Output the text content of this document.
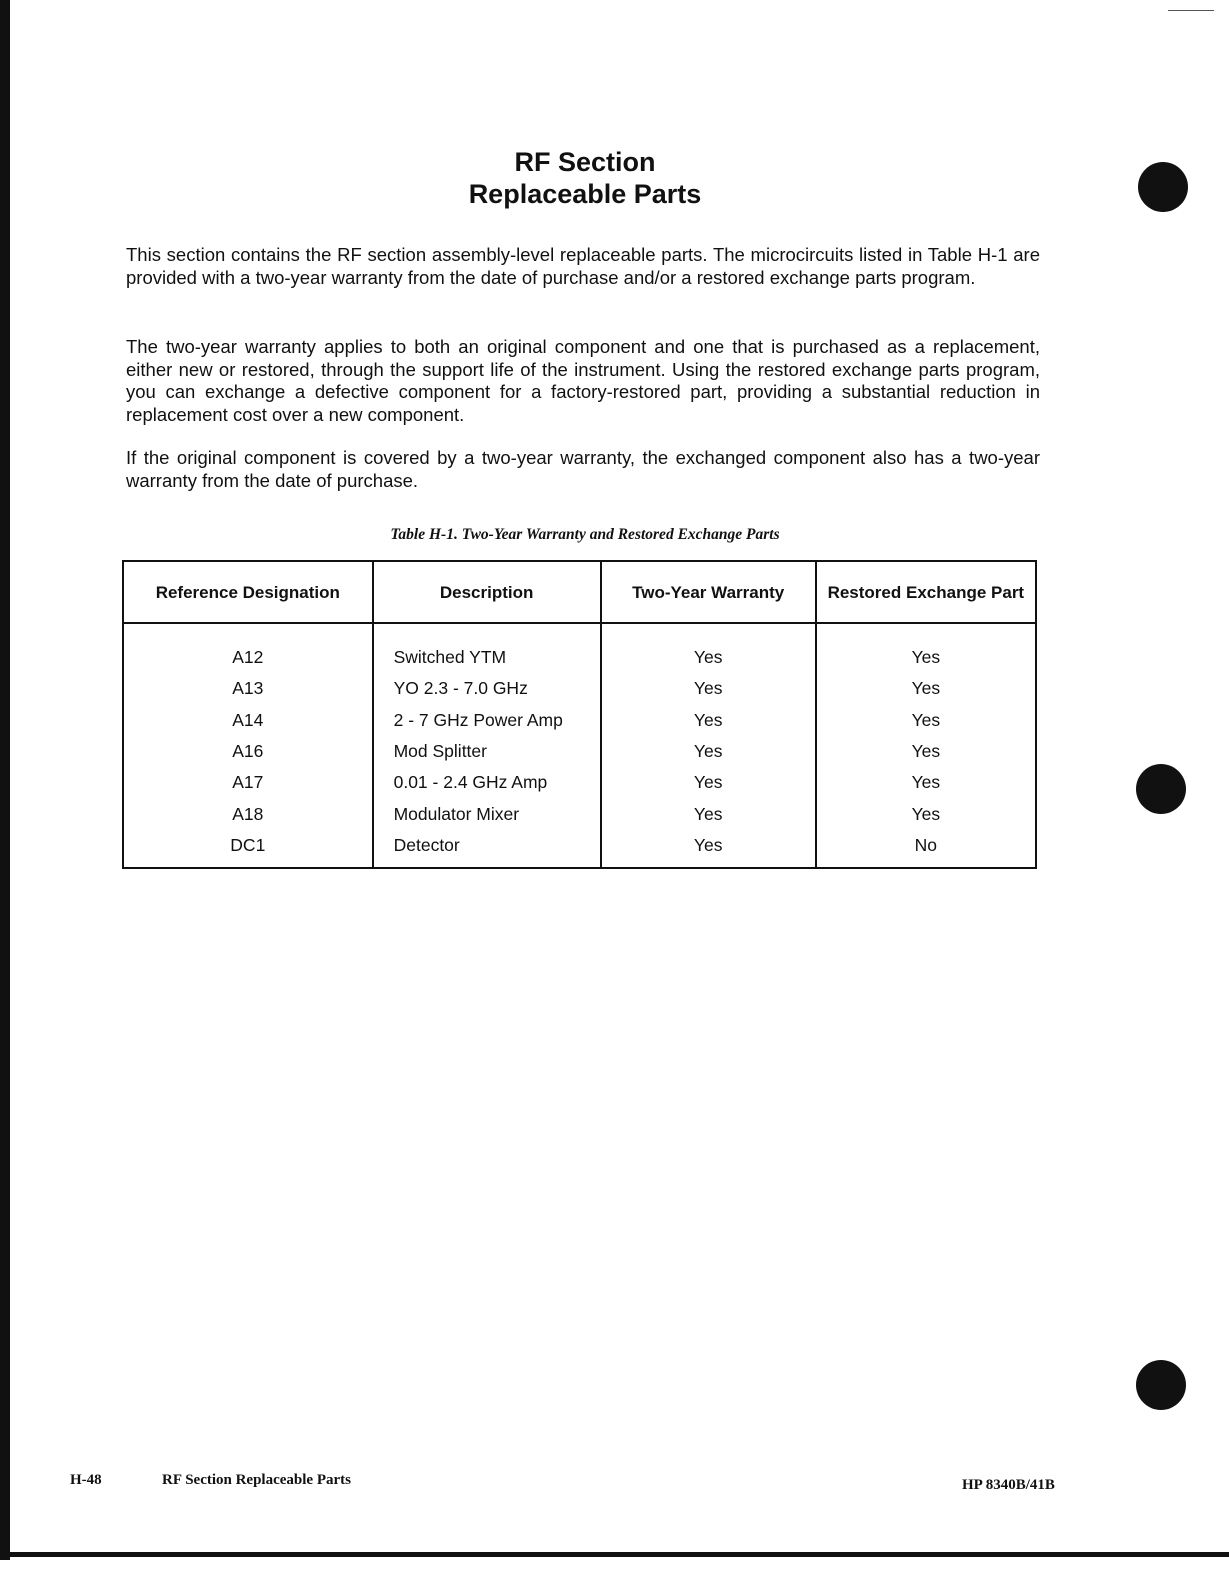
RF Section
Replaceable Parts

This section contains the RF section assembly-level replaceable parts. The microcircuits listed in Table H-1 are provided with a two-year warranty from the date of purchase and/or a restored exchange parts program.

The two-year warranty applies to both an original component and one that is purchased as a replacement, either new or restored, through the support life of the instrument. Using the restored exchange parts program, you can exchange a defective component for a factory-restored part, providing a substantial reduction in replacement cost over a new component.

If the original component is covered by a two-year warranty, the exchanged component also has a two-year warranty from the date of purchase.

Table H-1. Two-Year Warranty and Restored Exchange Parts

Reference Designation	Description	Two-Year Warranty	Restored Exchange Part
A12	Switched YTM	Yes	Yes
A13	YO 2.3 - 7.0 GHz	Yes	Yes
A14	2 - 7 GHz Power Amp	Yes	Yes
A16	Mod Splitter	Yes	Yes
A17	0.01 - 2.4 GHz Amp	Yes	Yes
A18	Modulator Mixer	Yes	Yes
DC1	Detector	Yes	No

H-48	RF Section Replaceable Parts	HP 8340B/41B
